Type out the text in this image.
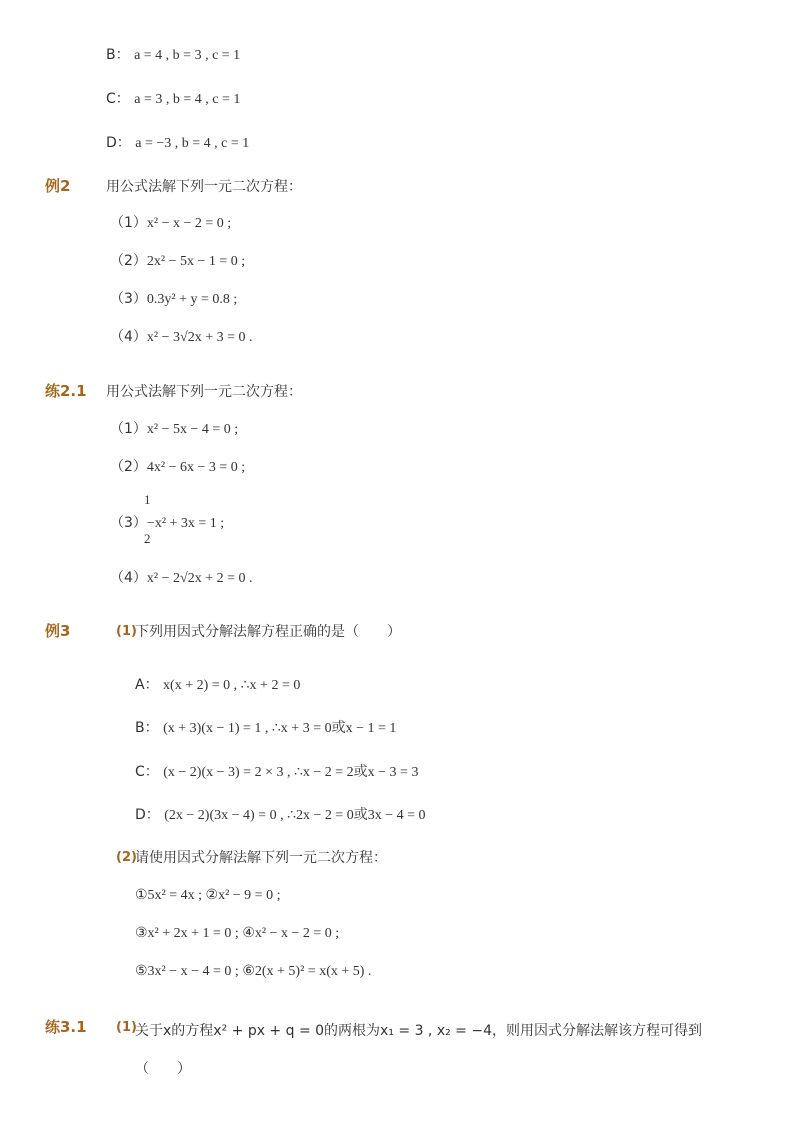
B： a = 4 , b = 3 , c = 1
C： a = 3 , b = 4 , c = 1
D： a = −3 , b = 4 , c = 1
例2	用公式法解下列一元二次方程：
（1）x² − x − 2 = 0 ;
（2）2x² − 5x − 1 = 0 ;
（3）0.3y² + y = 0.8 ;
（4）x² − 3√2x + 3 = 0 .
练2.1 用公式法解下列一元二次方程：
（1）x² − 5x − 4 = 0 ;
（2）4x² − 6x − 3 = 0 ;
1
（3）−x² + 3x = 1 ;
2
（4）x² − 2√2x + 2 = 0 .
例3	(1)
下列用因式分解法解方程正确的是（　　）
A： x(x + 2) = 0 , ∴x + 2 = 0
B： (x + 3)(x − 1) = 1 , ∴x + 3 = 0或x − 1 = 1
C： (x − 2)(x − 3) = 2 × 3 , ∴x − 2 = 2或x − 3 = 3
D： (2x − 2)(3x − 4) = 0 , ∴2x − 2 = 0或3x − 4 = 0
(2)
请使用因式分解法解下列一元二次方程：
①5x² = 4x ; ②x² − 9 = 0 ;
③x² + 2x + 1 = 0 ; ④x² − x − 2 = 0 ;
⑤3x² − x − 4 = 0 ; ⑥2(x + 5)² = x(x + 5) .
练3.1 (1)
关于x的方程x² + px + q = 0的两根为x₁ = 3 , x₂ = −4，则用因式分解法解该方程可得到
（　　）
